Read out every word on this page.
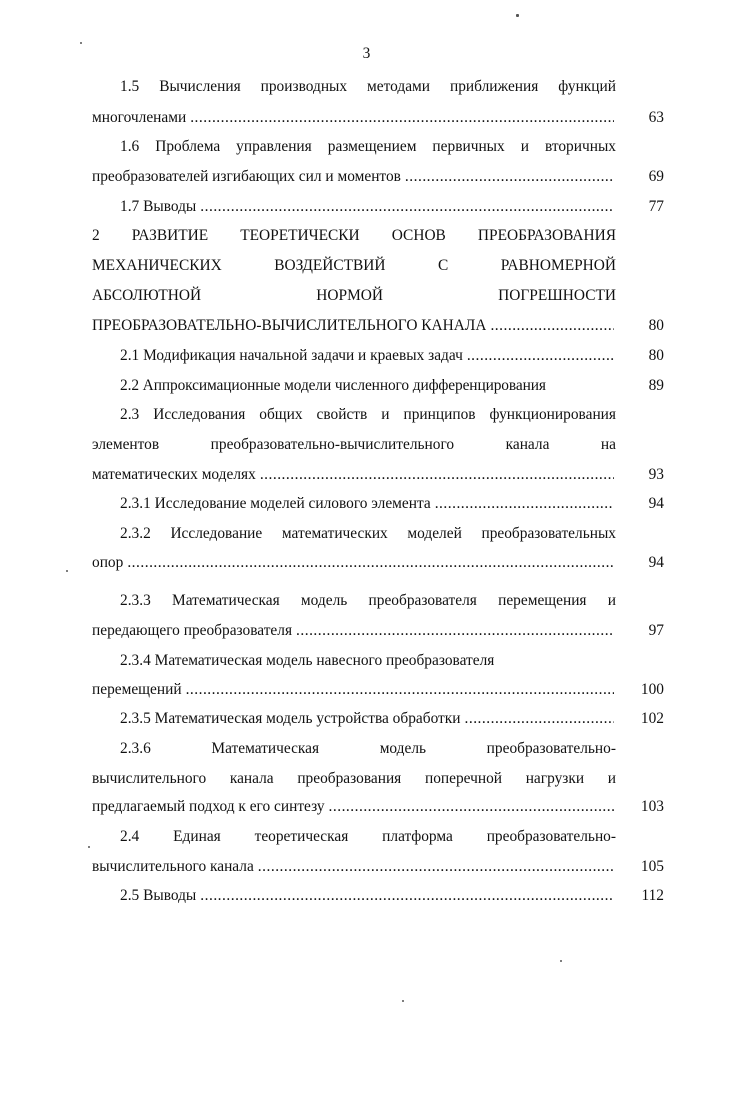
3
1.5 Вычисления производных методами приближения функций
многочленами .....	63
1.6 Проблема управления размещением первичных и вторичных
преобразователей изгибающих сил и моментов .....	69
1.7 Выводы .....	77
2 РАЗВИТИЕ ТЕОРЕТИЧЕСКИ ОСНОВ ПРЕОБРАЗОВАНИЯ
МЕХАНИЧЕСКИХ ВОЗДЕЙСТВИЙ С РАВНОМЕРНОЙ
АБСОЛЮТНОЙ НОРМОЙ ПОГРЕШНОСТИ
ПРЕОБРАЗОВАТЕЛЬНО-ВЫЧИСЛИТЕЛЬНОГО КАНАЛА .....	80
2.1 Модификация начальной задачи и краевых задач .....	80
2.2 Аппроксимационные модели численного дифференцирования	89
2.3 Исследования общих свойств и принципов функционирования
элементов преобразовательно-вычислительного канала на
математических моделях .....	93
2.3.1 Исследование моделей силового элемента .....	94
2.3.2 Исследование математических моделей преобразовательных
опор .....	94
2.3.3 Математическая модель преобразователя перемещения и
передающего преобразователя .....	97
2.3.4 Математическая модель навесного преобразователя
перемещений .....	100
2.3.5 Математическая модель устройства обработки .....	102
2.3.6 Математическая модель преобразовательно-
вычислительного канала преобразования поперечной нагрузки и
предлагаемый подход к его синтезу .....	103
2.4 Единая теоретическая платформа преобразовательно-
вычислительного канала .....	105
2.5 Выводы .....	112
